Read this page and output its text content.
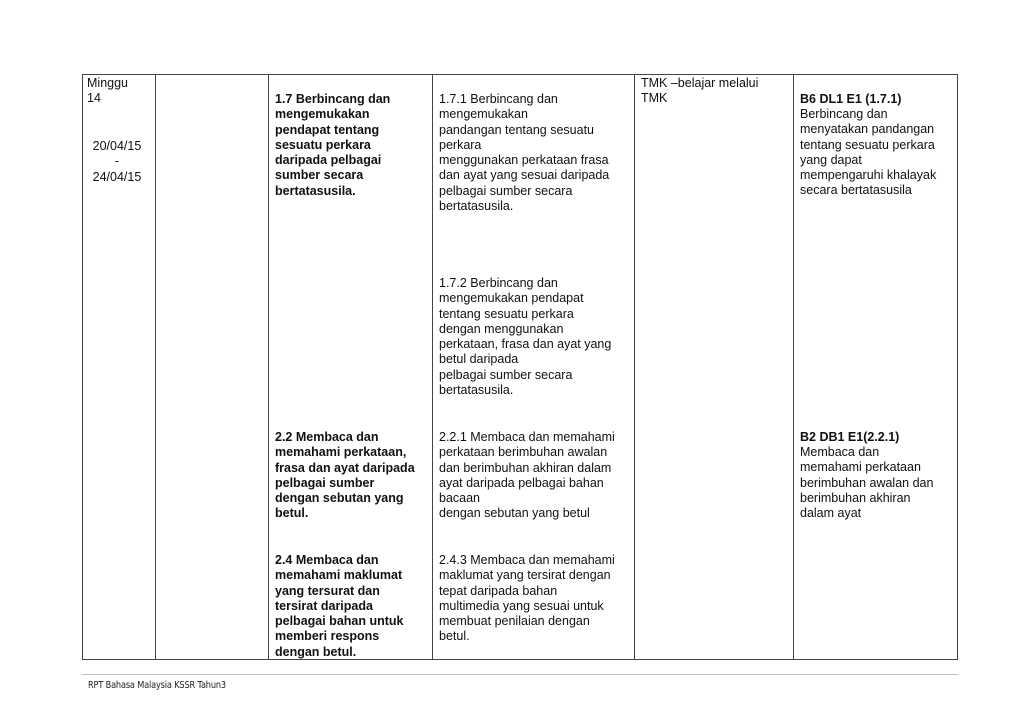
Minggu
14
20/04/15
-
24/04/15
1.7 Berbincang dan
mengemukakan
pendapat tentang
sesuatu perkara
daripada pelbagai
sumber secara
bertatasusila.
2.2 Membaca dan
memahami perkataan,
frasa dan ayat daripada
pelbagai sumber
dengan sebutan yang
betul.
2.4 Membaca dan
memahami maklumat
yang tersurat dan
tersirat daripada
pelbagai bahan untuk
memberi respons
dengan betul.
1.7.1 Berbincang dan
mengemukakan
pandangan tentang sesuatu
perkara
menggunakan perkataan frasa
dan ayat yang sesuai daripada
pelbagai sumber secara
bertatasusila.
1.7.2 Berbincang dan
mengemukakan pendapat
tentang sesuatu perkara
dengan menggunakan
perkataan, frasa dan ayat yang
betul daripada
pelbagai sumber secara
bertatasusila.
2.2.1 Membaca dan memahami
perkataan berimbuhan awalan
dan berimbuhan akhiran dalam
ayat daripada pelbagai bahan
bacaan
dengan sebutan yang betul
2.4.3 Membaca dan memahami
maklumat yang tersirat dengan
tepat daripada bahan
multimedia yang sesuai untuk
membuat penilaian dengan
betul.
TMK –belajar melalui
TMK	B6 DL1 E1 (1.7.1)
Berbincang dan
menyatakan pandangan
tentang sesuatu perkara
yang dapat
mempengaruhi khalayak
secara bertatasusila
B2 DB1 E1(2.2.1)
Membaca dan
memahami perkataan
berimbuhan awalan dan
berimbuhan akhiran
dalam ayat
RPT Bahasa Malaysia KSSR Tahun3
